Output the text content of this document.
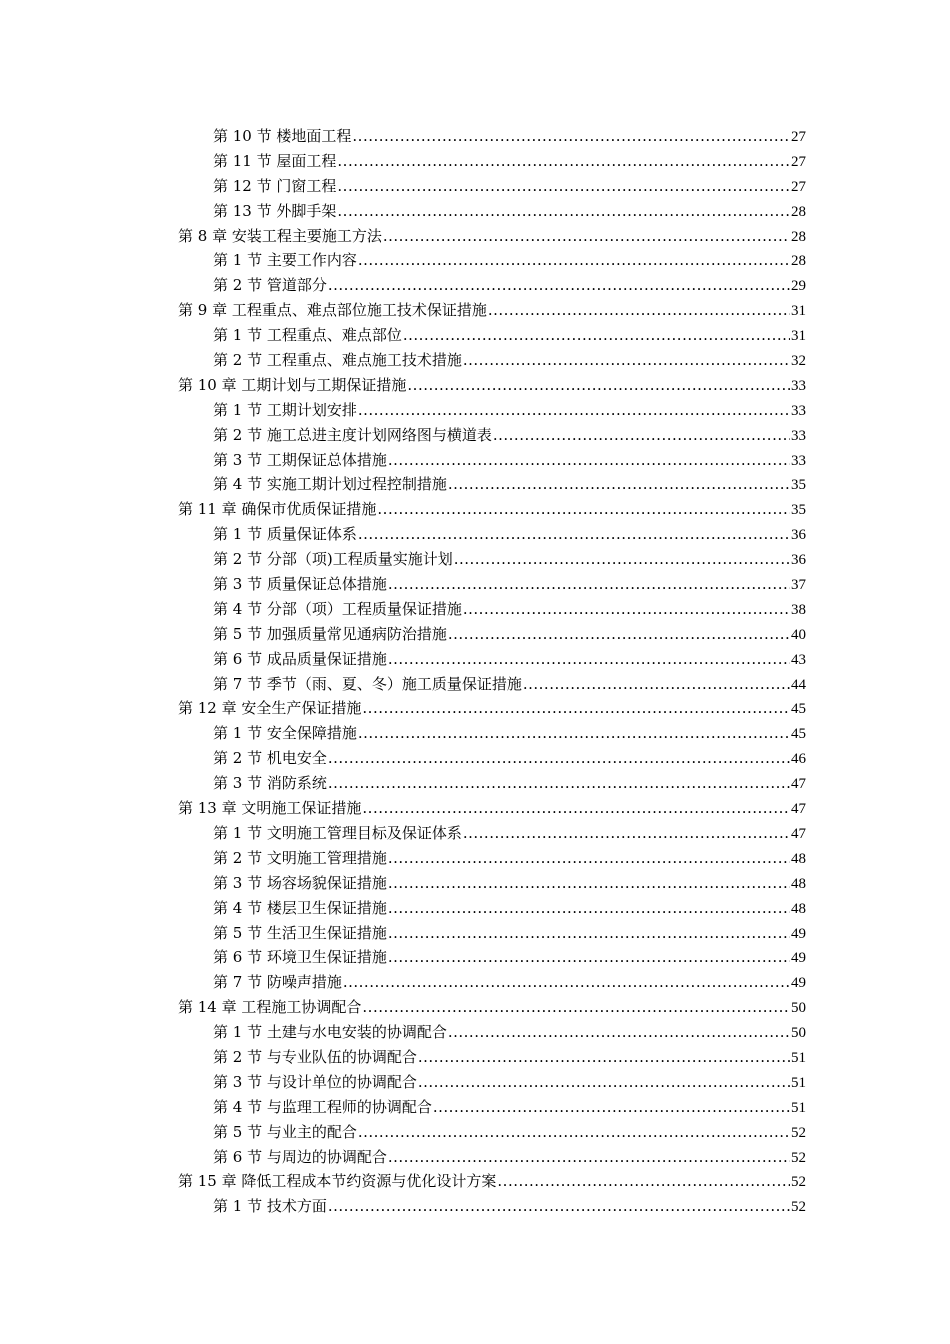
第 10 节 楼地面工程 .....	27
第 11 节 屋面工程 .....	27
第 12 节 门窗工程 .....	27
第 13 节 外脚手架 .....	28
第 8 章 安装工程主要施工方法 .....	28
第 1 节 主要工作内容 .....	28
第 2 节 管道部分 .....	29
第 9 章 工程重点、难点部位施工技术保证措施 .....	31
第 1 节 工程重点、难点部位 .....	31
第 2 节 工程重点、难点施工技术措施 .....	32
第 10 章 工期计划与工期保证措施 .....	33
第 1 节 工期计划安排 .....	33
第 2 节 施工总进主度计划网络图与横道表 .....	33
第 3 节 工期保证总体措施 .....	33
第 4 节 实施工期计划过程控制措施 .....	35
第 11 章 确保市优质保证措施 .....	35
第 1 节 质量保证体系 .....	36
第 2 节 分部（项)工程质量实施计划 .....	36
第 3 节 质量保证总体措施 .....	37
第 4 节 分部（项）工程质量保证措施 .....	38
第 5 节 加强质量常见通病防治措施 .....	40
第 6 节 成品质量保证措施 .....	43
第 7 节 季节（雨、夏、冬）施工质量保证措施 .....	44
第 12 章 安全生产保证措施 .....	45
第 1 节 安全保障措施 .....	45
第 2 节 机电安全 .....	46
第 3 节 消防系统 .....	47
第 13 章 文明施工保证措施 .....	47
第 1 节 文明施工管理目标及保证体系 .....	47
第 2 节 文明施工管理措施 .....	48
第 3 节 场容场貌保证措施 .....	48
第 4 节 楼层卫生保证措施 .....	48
第 5 节 生活卫生保证措施 .....	49
第 6 节 环境卫生保证措施 .....	49
第 7 节 防噪声措施 .....	49
第 14 章 工程施工协调配合 .....	50
第 1 节 土建与水电安装的协调配合 .....	50
第 2 节 与专业队伍的协调配合 .....	51
第 3 节 与设计单位的协调配合 .....	51
第 4 节 与监理工程师的协调配合 .....	51
第 5 节 与业主的配合 .....	52
第 6 节 与周边的协调配合 .....	52
第 15 章 降低工程成本节约资源与优化设计方案 .....	52
第 1 节 技术方面 .....	52
